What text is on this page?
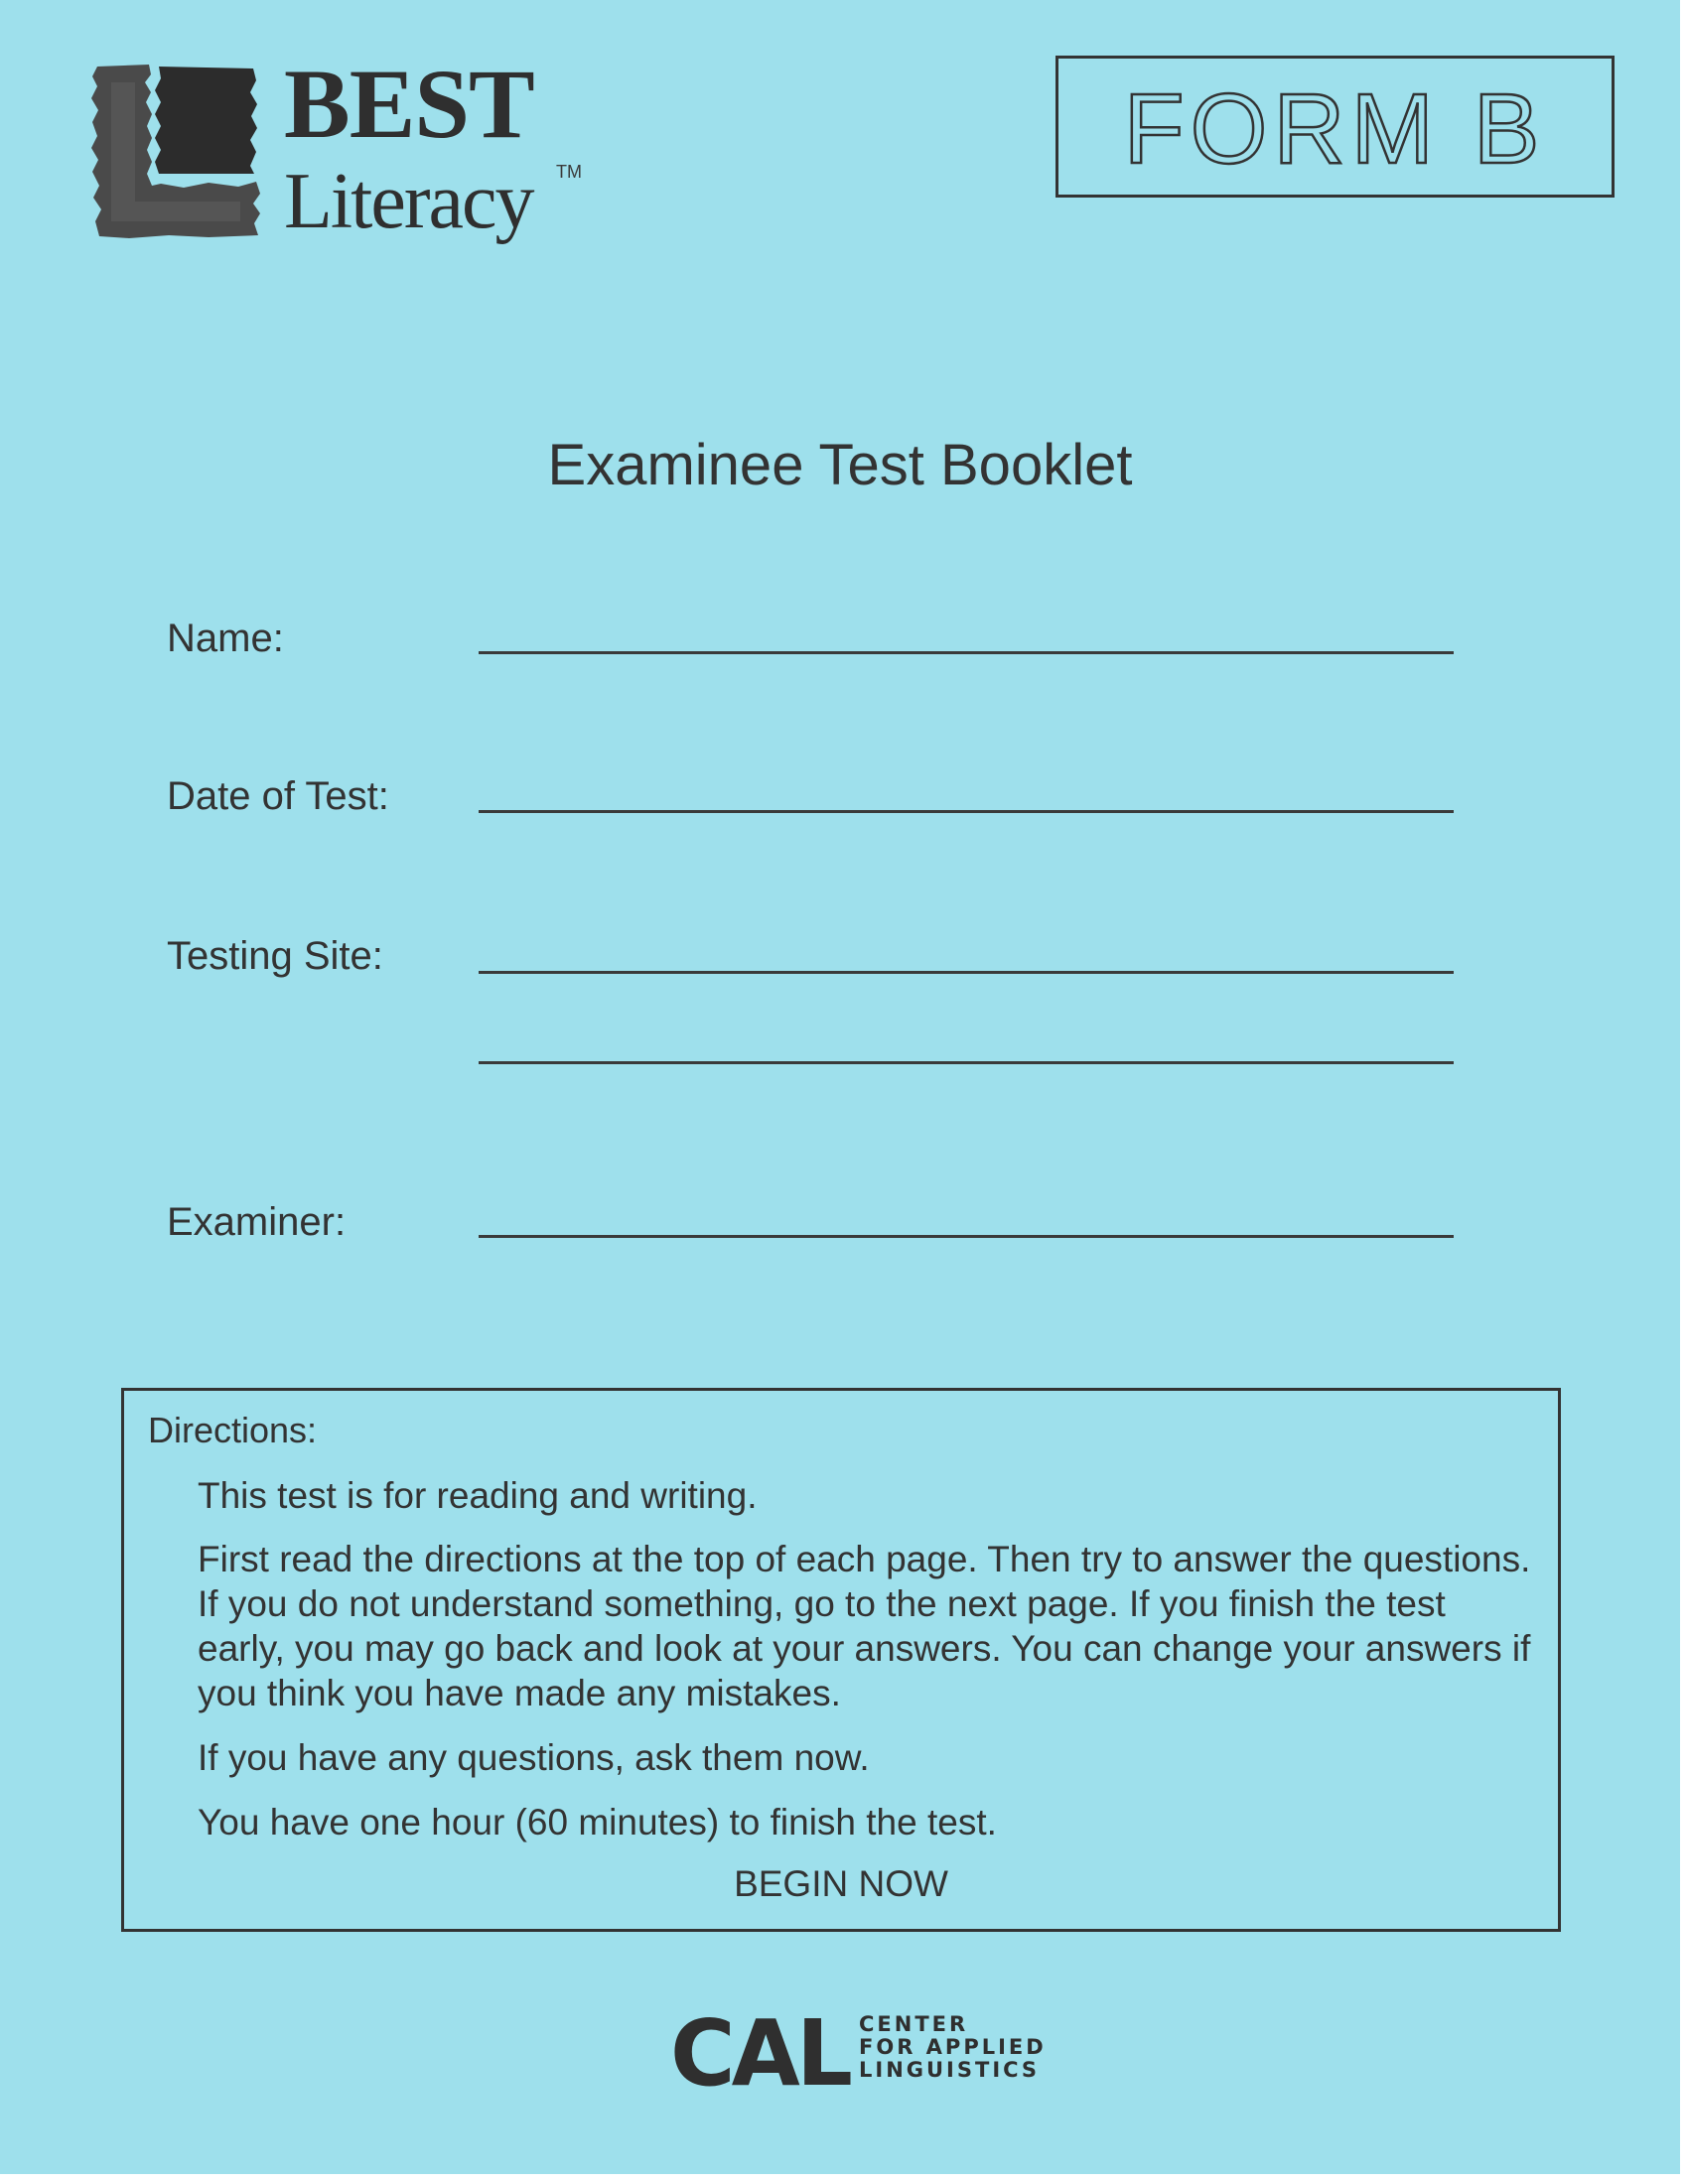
BEST
Literacy TM	FORM B
Examinee Test Booklet
Name:
Date of Test:
Testing Site:
Examiner:
Directions:

This test is for reading and writing.

First read the directions at the top of each page. Then try to answer the questions. If you do not understand something, go to the next page. If you finish the test early, you may go back and look at your answers. You can change your answers if you think you have made any mistakes.

If you have any questions, ask them now.

You have one hour (60 minutes) to finish the test.

BEGIN NOW
CAL CENTER
FOR APPLIED
LINGUISTICS
